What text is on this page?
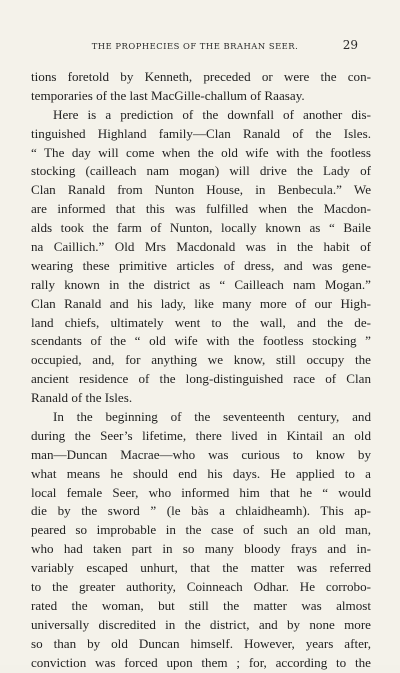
THE PROPHECIES OF THE BRAHAN SEER.	29
tions foretold by Kenneth, preceded or were the con-
temporaries of the last MacGille-challum of Raasay.
Here is a prediction of the downfall of another dis-
tinguished Highland family—Clan Ranald of the Isles.
“ The day will come when the old wife with the footless
stocking (cailleach nam mogan) will drive the Lady of
Clan Ranald from Nunton House, in Benbecula.” We
are informed that this was fulfilled when the Macdon-
alds took the farm of Nunton, locally known as “ Baile
na Caillich.” Old Mrs Macdonald was in the habit of
wearing these primitive articles of dress, and was gene-
rally known in the district as “ Cailleach nam Mogan.”
Clan Ranald and his lady, like many more of our High-
land chiefs, ultimately went to the wall, and the de-
scendants of the “ old wife with the footless stocking ”
occupied, and, for anything we know, still occupy the
ancient residence of the long-distinguished race of Clan
Ranald of the Isles.
In the beginning of the seventeenth century, and
during the Seer’s lifetime, there lived in Kintail an old
man—Duncan Macrae—who was curious to know by
what means he should end his days. He applied to a
local female Seer, who informed him that he “ would
die by the sword ” (le bàs a chlaidheamh). This ap-
peared so improbable in the case of such an old man,
who had taken part in so many bloody frays and in-
variably escaped unhurt, that the matter was referred
to the greater authority, Coinneach Odhar. He corrobo-
rated the woman, but still the matter was almost
universally discredited in the district, and by none more
so than by old Duncan himself. However, years after,
conviction was forced upon them ; for, according to the
